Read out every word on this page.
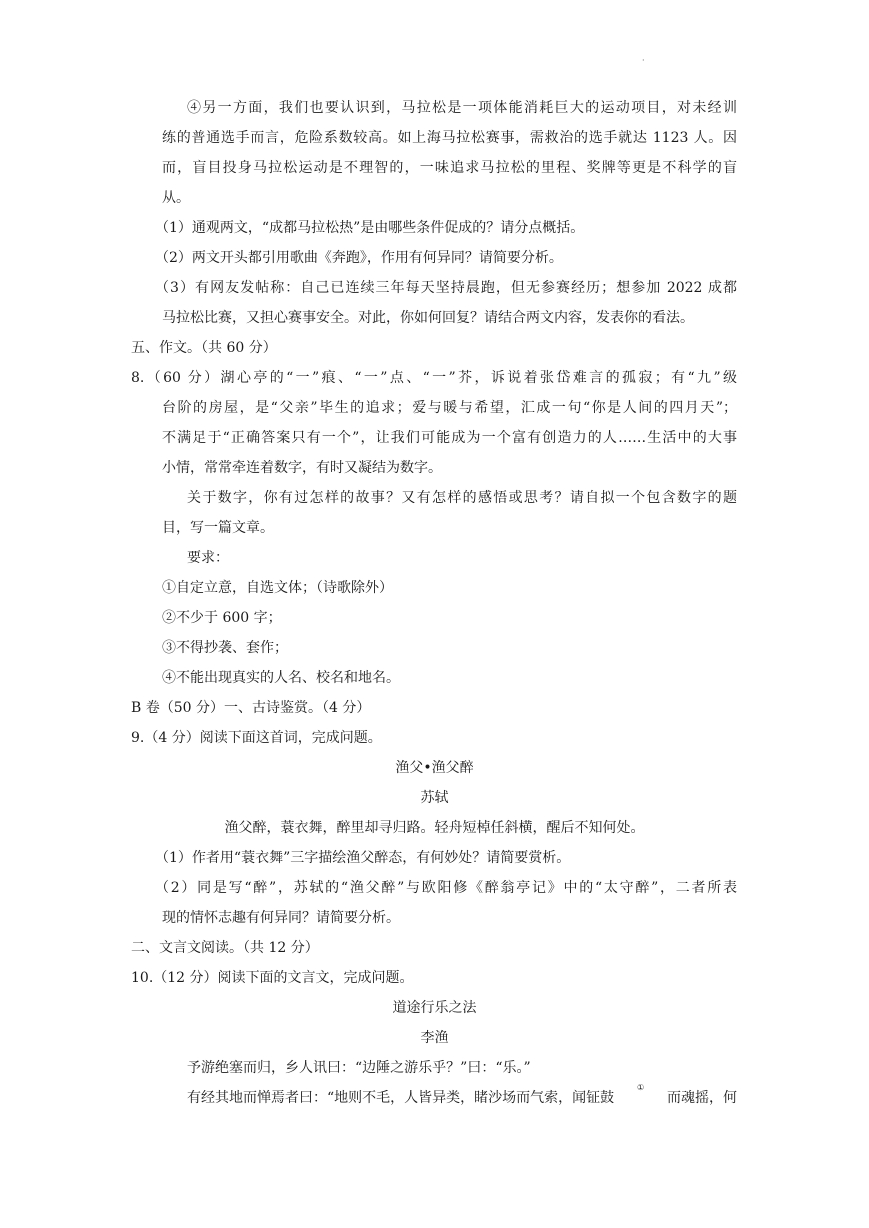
·
④另一方面，我们也要认识到，马拉松是一项体能消耗巨大的运动项目，对未经训
练的普通选手而言，危险系数较高。如上海马拉松赛事，需救治的选手就达 1123 人。因
而，盲目投身马拉松运动是不理智的，一味追求马拉松的里程、奖牌等更是不科学的盲
从。
（1）通观两文，“成都马拉松热”是由哪些条件促成的？请分点概括。
（2）两文开头都引用歌曲《奔跑》，作用有何异同？请简要分析。
（3）有网友发帖称：自己已连续三年每天坚持晨跑，但无参赛经历；想参加 2022 成都
马拉松比赛，又担心赛事安全。对此，你如何回复？请结合两文内容，发表你的看法。
五、作文。（共 60 分）
8.（60 分）湖心亭的“一”痕、“一”点、“一”芥，诉说着张岱难言的孤寂；有“九”级
台阶的房屋，是“父亲”毕生的追求；爱与暖与希望，汇成一句“你是人间的四月天”；
不满足于“正确答案只有一个”，让我们可能成为一个富有创造力的人……生活中的大事
小情，常常牵连着数字，有时又凝结为数字。
关于数字，你有过怎样的故事？又有怎样的感悟或思考？请自拟一个包含数字的题
目，写一篇文章。
要求：
①自定立意，自选文体；（诗歌除外）
②不少于 600 字；
③不得抄袭、套作；
④不能出现真实的人名、校名和地名。
B 卷（50 分）一、古诗鉴赏。（4 分）
9.（4 分）阅读下面这首词，完成问题。
渔父•渔父醉
苏轼
渔父醉，蓑衣舞，醉里却寻归路。轻舟短棹任斜横，醒后不知何处。
（1）作者用“蓑衣舞”三字描绘渔父醉态，有何妙处？请简要赏析。
（2）同是写“醉”，苏轼的“渔父醉”与欧阳修《醉翁亭记》中的“太守醉”，二者所表
现的情怀志趣有何异同？请简要分析。
二、文言文阅读。（共 12 分）
10.（12 分）阅读下面的文言文，完成问题。
道途行乐之法
李渔
予游绝塞而归，乡人讯曰：“边陲之游乐乎？”曰：“乐。”
有经其地而惮焉者曰：“地则不毛，人皆异类，睹沙场而气索，闻钲鼓
①
而魂摇，何
